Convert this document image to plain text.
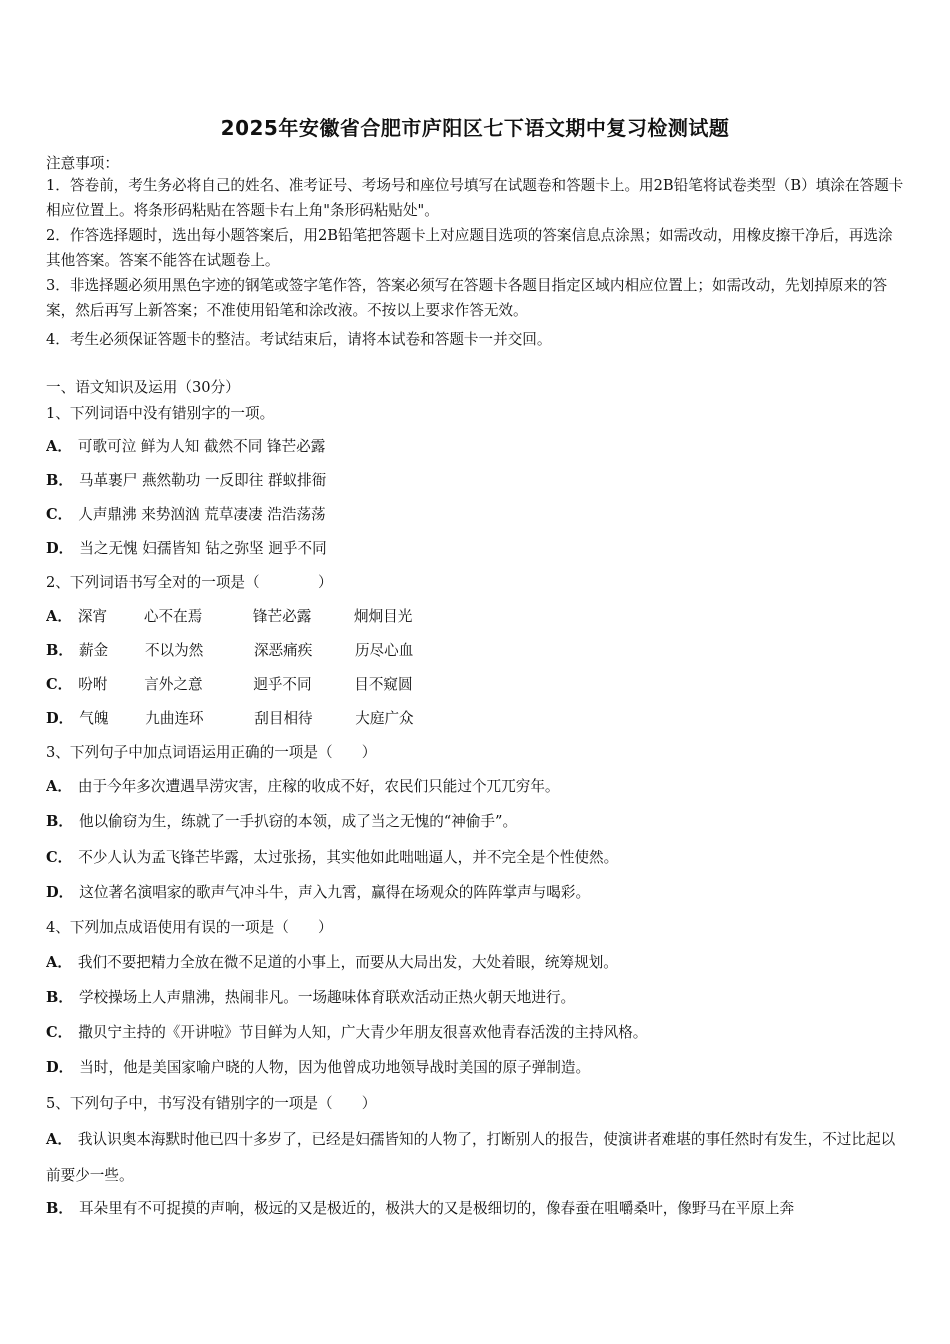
2025年安徽省合肥市庐阳区七下语文期中复习检测试题
注意事项：
1．答卷前，考生务必将自己的姓名、准考证号、考场号和座位号填写在试题卷和答题卡上。用2B铅笔将试卷类型（B）填涂在答题卡相应位置上。将条形码粘贴在答题卡右上角"条形码粘贴处"。
2．作答选择题时，选出每小题答案后，用2B铅笔把答题卡上对应题目选项的答案信息点涂黑；如需改动，用橡皮擦干净后，再选涂其他答案。答案不能答在试题卷上。
3．非选择题必须用黑色字迹的钢笔或签字笔作答，答案必须写在答题卡各题目指定区域内相应位置上；如需改动，先划掉原来的答案，然后再写上新答案；不准使用铅笔和涂改液。不按以上要求作答无效。
4．考生必须保证答题卡的整洁。考试结束后，请将本试卷和答题卡一并交回。
一、语文知识及运用（30分）
1、下列词语中没有错别字的一项。
A． 可歌可泣 鲜为人知 截然不同 锋芒必露
B． 马革裹尸 燕然勒功 一反即往 群蚁排衙
C． 人声鼎沸 来势汹汹 荒草凄凄 浩浩荡荡
D． 当之无愧 妇孺皆知 钻之弥坚 迥乎不同
2、下列词语书写全对的一项是（　　　　）
A． 深宵	心不在焉	锋芒必露	炯炯目光
B． 薪金	不以为然	深恶痛疾	历尽心血
C． 吩咐	言外之意	迥乎不同	目不窥圆
D． 气魄	九曲连环	刮目相待	大庭广众
3、下列句子中加点词语运用正确的一项是（　　）
A． 由于今年多次遭遇旱涝灾害，庄稼的收成不好，农民们只能过个兀兀穷年。
B． 他以偷窃为生，练就了一手扒窃的本领，成了当之无愧的“神偷手”。
C． 不少人认为孟飞锋芒毕露，太过张扬，其实他如此咄咄逼人，并不完全是个性使然。
D． 这位著名演唱家的歌声气冲斗牛，声入九霄，赢得在场观众的阵阵掌声与喝彩。
4、下列加点成语使用有误的一项是（　　）
A． 我们不要把精力全放在微不足道的小事上，而要从大局出发，大处着眼，统筹规划。
B． 学校操场上人声鼎沸，热闹非凡。一场趣味体育联欢活动正热火朝天地进行。
C． 撒贝宁主持的《开讲啦》节目鲜为人知，广大青少年朋友很喜欢他青春活泼的主持风格。
D． 当时，他是美国家喻户晓的人物，因为他曾成功地领导战时美国的原子弹制造。
5、下列句子中，书写没有错别字的一项是（　　）
A． 我认识奥本海默时他已四十多岁了，已经是妇孺皆知的人物了，打断别人的报告，使演讲者难堪的事任然时有发生，不过比起以前要少一些。
B． 耳朵里有不可捉摸的声响，极远的又是极近的，极洪大的又是极细切的，像春蚕在咀嚼桑叶，像野马在平原上奔
